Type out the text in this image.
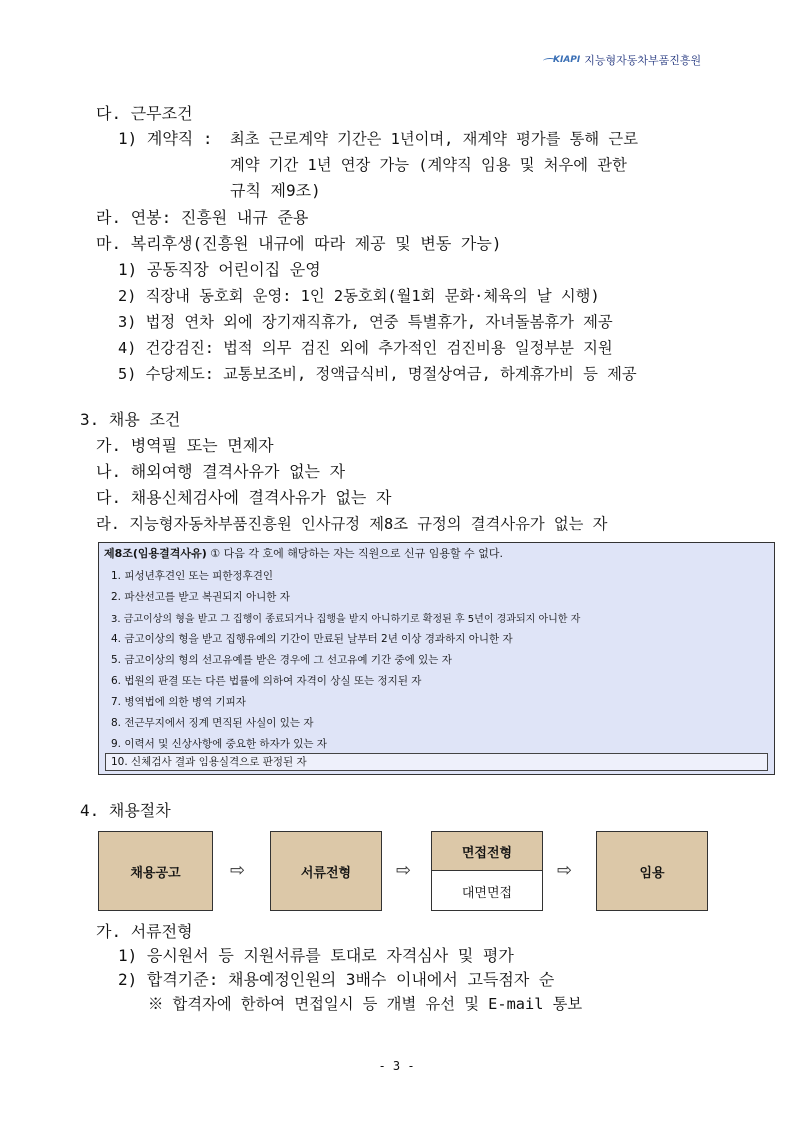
KIAPI 지능형자동차부품진흥원
다. 근무조건
1) 계약직 : 최초 근로계약 기간은 1년이며, 재계약 평가를 통해 근로
계약 기간 1년 연장 가능 (계약직 임용 및 처우에 관한
규칙 제9조)
라. 연봉: 진흥원 내규 준용
마. 복리후생(진흥원 내규에 따라 제공 및 변동 가능)
1) 공동직장 어린이집 운영
2) 직장내 동호회 운영: 1인 2동호회(월1회 문화·체육의 날 시행)
3) 법정 연차 외에 장기재직휴가, 연중 특별휴가, 자녀돌봄휴가 제공
4) 건강검진: 법적 의무 검진 외에 추가적인 검진비용 일정부분 지원
5) 수당제도: 교통보조비, 정액급식비, 명절상여금, 하계휴가비 등 제공
3. 채용 조건
가. 병역필 또는 면제자
나. 해외여행 결격사유가 없는 자
다. 채용신체검사에 결격사유가 없는 자
라. 지능형자동차부품진흥원 인사규정 제8조 규정의 결격사유가 없는 자
제8조(임용결격사유) ① 다음 각 호에 해당하는 자는 직원으로 신규 임용할 수 없다.
1. 피성년후견인 또는 피한정후견인
2. 파산선고를 받고 복권되지 아니한 자
3. 금고이상의 형을 받고 그 집행이 종료되거나 집행을 받지 아니하기로 확정된 후 5년이 경과되지 아니한 자
4. 금고이상의 형을 받고 집행유예의 기간이 만료된 날부터 2년 이상 경과하지 아니한 자
5. 금고이상의 형의 선고유예를 받은 경우에 그 선고유예 기간 중에 있는 자
6. 법원의 판결 또는 다른 법률에 의하여 자격이 상실 또는 정지된 자
7. 병역법에 의한 병역 기피자
8. 전근무지에서 징계 면직된 사실이 있는 자
9. 이력서 및 신상사항에 중요한 하자가 있는 자
10. 신체검사 결과 임용실격으로 판정된 자
4. 채용절차
채용공고	⇨	서류전형	⇨
면접전형
대면면접
⇨	임용
가. 서류전형
1) 응시원서 등 지원서류를 토대로 자격심사 및 평가
2) 합격기준: 채용예정인원의 3배수 이내에서 고득점자 순
※ 합격자에 한하여 면접일시 등 개별 유선 및 E-mail 통보
- 3 -
